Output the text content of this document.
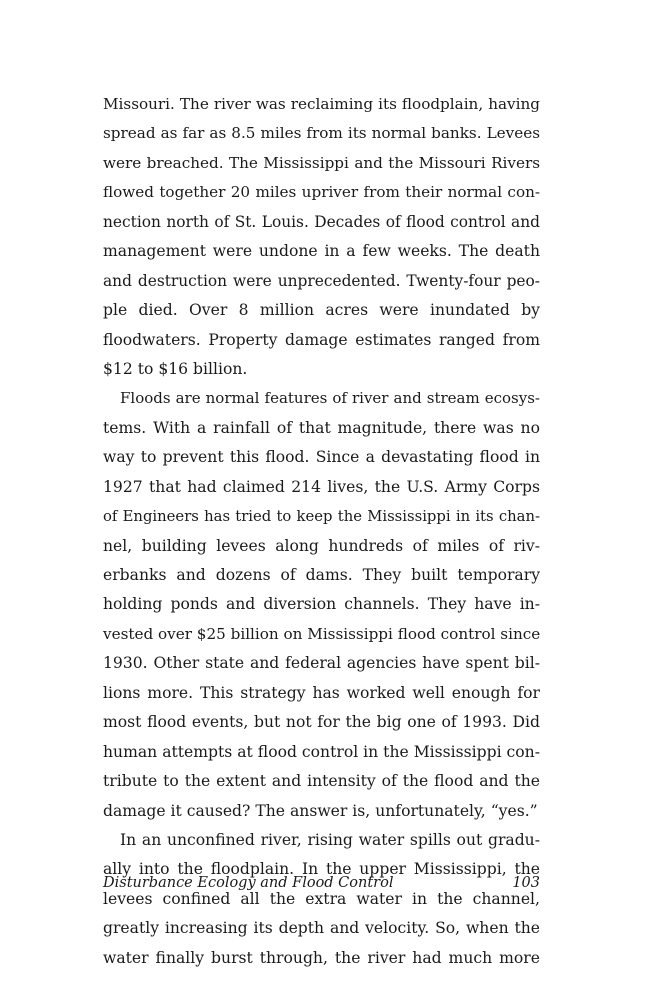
Missouri. The river was reclaiming its floodplain, having
spread as far as 8.5 miles from its normal banks. Levees
were breached. The Mississippi and the Missouri Rivers
flowed together 20 miles upriver from their normal con-
nection north of St. Louis. Decades of flood control and
management were undone in a few weeks. The death
and destruction were unprecedented. Twenty-four peo-
ple died. Over 8 million acres were inundated by
floodwaters. Property damage estimates ranged from
$12 to $16 billion.
Floods are normal features of river and stream ecosys-
tems. With a rainfall of that magnitude, there was no
way to prevent this flood. Since a devastating flood in
1927 that had claimed 214 lives, the U.S. Army Corps
of Engineers has tried to keep the Mississippi in its chan-
nel, building levees along hundreds of miles of riv-
erbanks and dozens of dams. They built temporary
holding ponds and diversion channels. They have in-
vested over $25 billion on Mississippi flood control since
1930. Other state and federal agencies have spent bil-
lions more. This strategy has worked well enough for
most flood events, but not for the big one of 1993. Did
human attempts at flood control in the Mississippi con-
tribute to the extent and intensity of the flood and the
damage it caused? The answer is, unfortunately, “yes.”
In an unconfined river, rising water spills out gradu-
ally into the floodplain. In the upper Mississippi, the
levees confined all the extra water in the channel,
greatly increasing its depth and velocity. So, when the
water finally burst through, the river had much more
Disturbance Ecology and Flood Control	103
